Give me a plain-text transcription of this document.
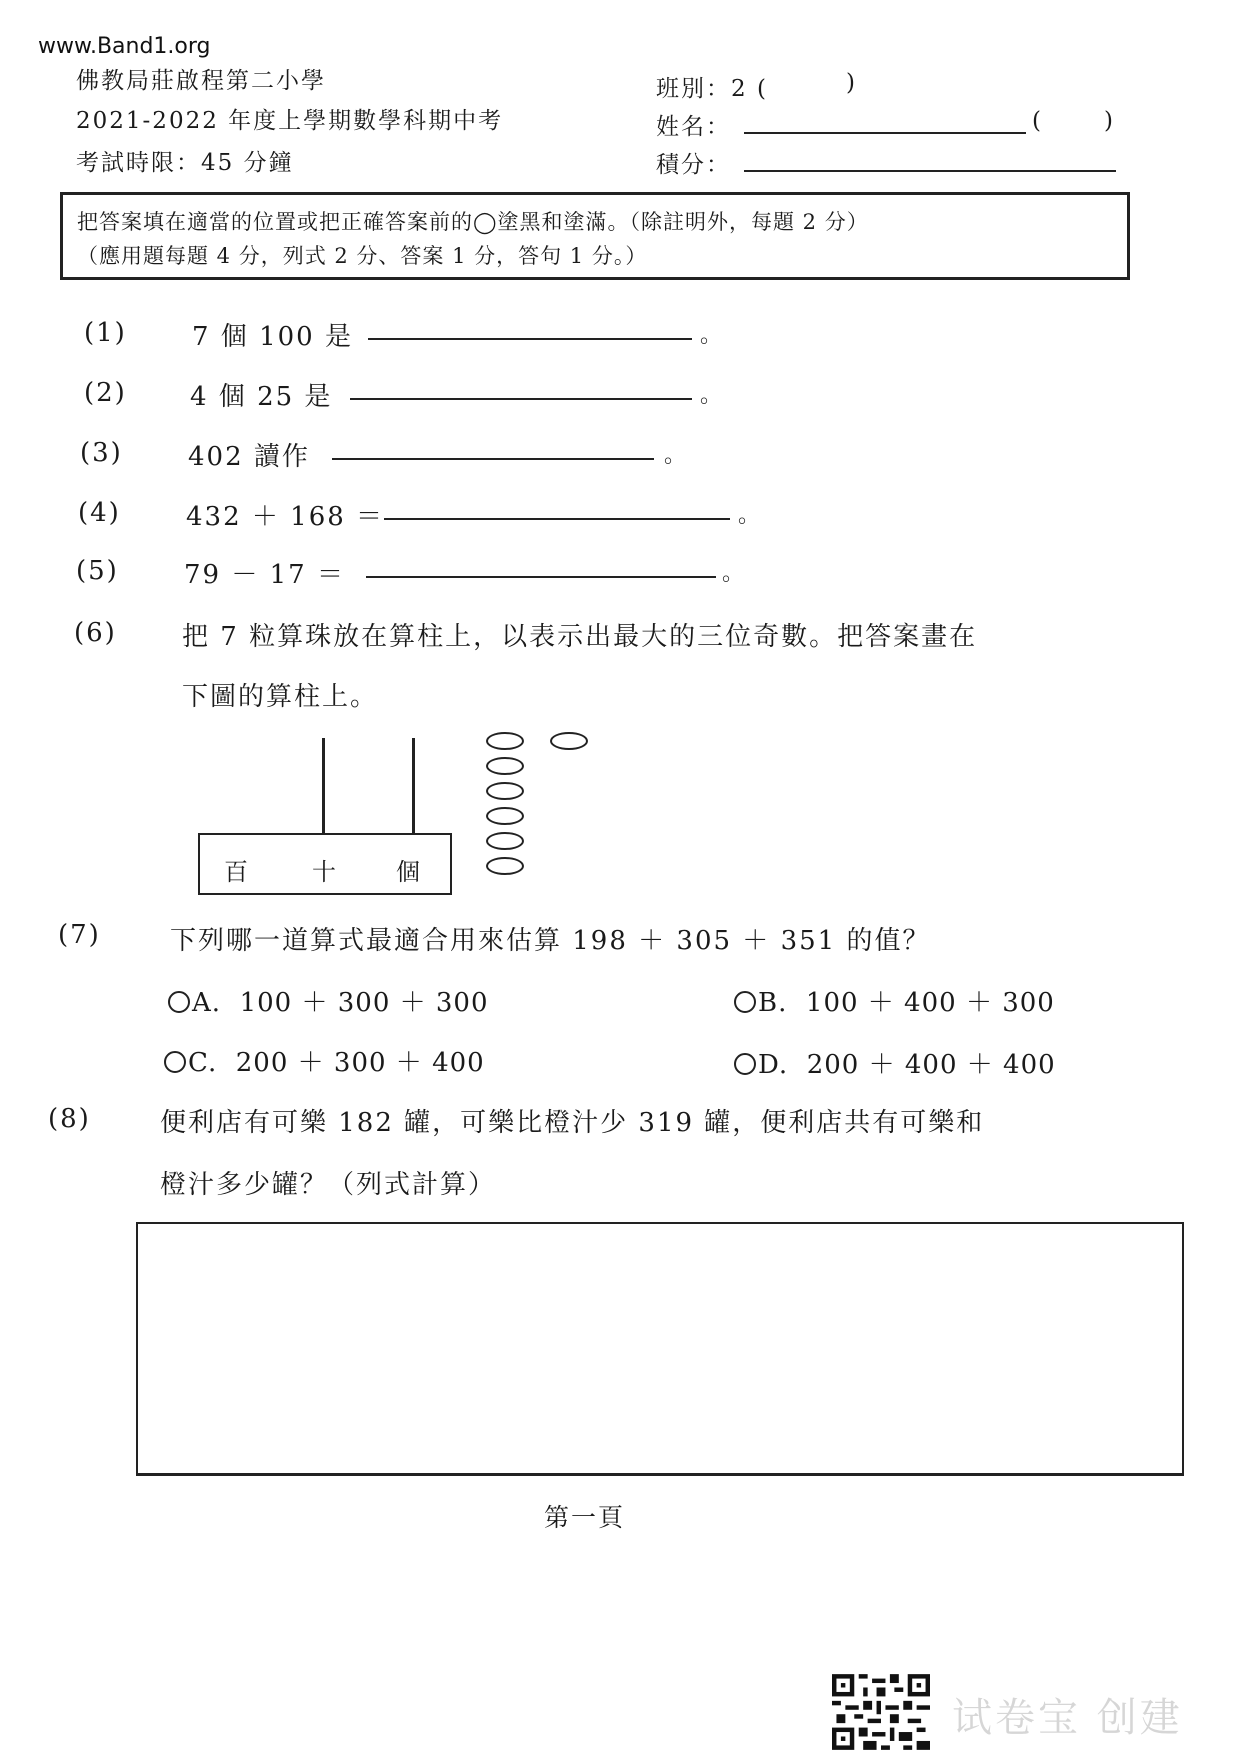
www.Band1.org
佛教局莊啟程第二小學
2021-2022 年度上學期數學科期中考
考試時限：45 分鐘
班別：2 (	)
姓名：	(	)
積分：
把答案填在適當的位置或把正確答案前的◯塗黑和塗滿。（除註明外，每題 2 分）
（應用題每題 4 分，列式 2 分、答案 1 分，答句 1 分。）
(1)	7 個 100 是	。
(2) 4 個 25 是	。
(3)	402 讀作	。
(4)	432 ＋ 168 ＝	。
(5)	79 － 17 ＝	。
(6)	把 7 粒算珠放在算柱上，以表示出最大的三位奇數。把答案畫在
下圖的算柱上。
百	十	個
(7)	下列哪一道算式最適合用來估算 198 ＋ 305 ＋ 351 的值？
A. 100 ＋ 300 ＋ 300	B. 100 ＋ 400 ＋ 300
C. 200 ＋ 300 ＋ 400	D. 200 ＋ 400 ＋ 400
(8)	便利店有可樂 182 罐，可樂比橙汁少 319 罐，便利店共有可樂和
橙汁多少罐？（列式計算）
第一頁
试卷宝 创建
